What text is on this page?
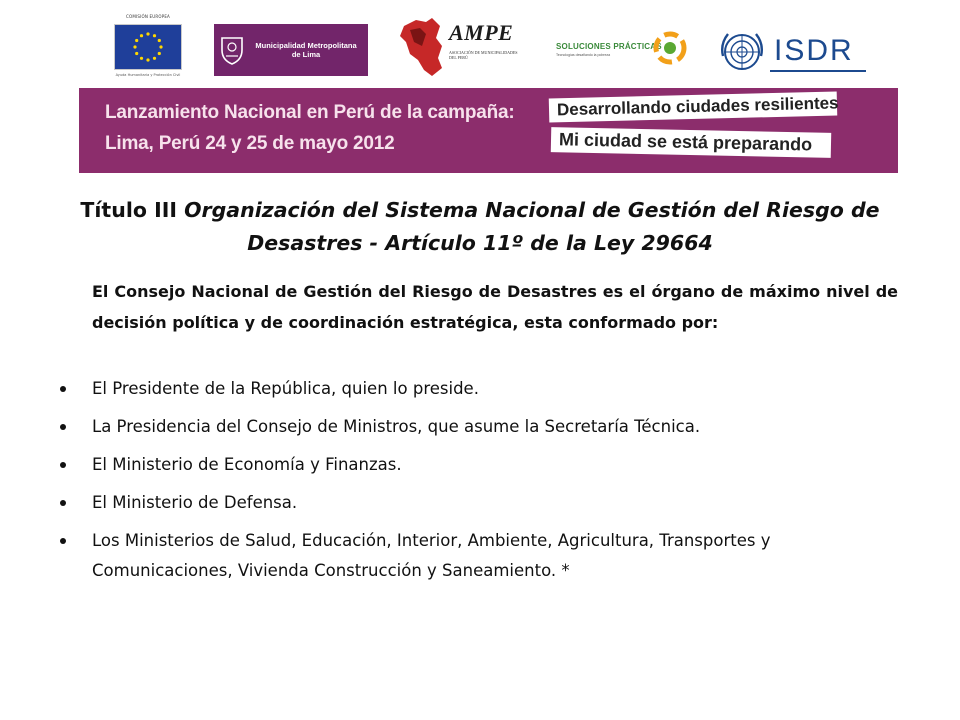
COMISIÓN EUROPEA
Ayuda Humanitaria y Protección Civil
Municipalidad Metropolitana de Lima
AMPE
ASOCIACIÓN DE MUNICIPALIDADES DEL PERÚ
SOLUCIONES PRÁCTICAS
Tecnologías desafiando la pobreza	ISDR
Lanzamiento Nacional en Perú de la campaña:
Lima, Perú 24 y 25 de mayo 2012
Desarrollando ciudades resilientes
Mi ciudad se está preparando
Título III Organización del Sistema Nacional de Gestión del Riesgo de Desastres - Artículo 11º de la Ley 29664
El Consejo Nacional de Gestión del Riesgo de Desastres es el órgano de máximo nivel de decisión política y de coordinación estratégica, esta conformado por:
El Presidente de la República, quien lo preside.
La Presidencia del Consejo de Ministros, que asume la Secretaría Técnica.
El Ministerio de Economía y Finanzas.
El Ministerio de Defensa.
Los Ministerios de Salud, Educación, Interior, Ambiente, Agricultura, Transportes y Comunicaciones, Vivienda Construcción y Saneamiento. *
